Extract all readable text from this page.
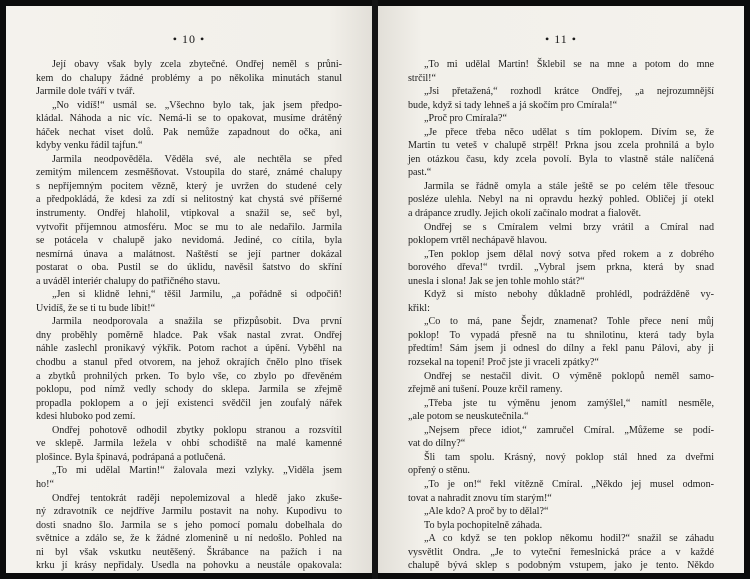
• 10 •
Její obavy však byly zcela zbytečné. Ondřej neměl s průni-
kem do chalupy žádné problémy a po několika minutách stanul
Jarmile dole tváří v tvář.
„No vidíš!“ usmál se. „Všechno bylo tak, jak jsem předpo-
kládal. Náhoda a nic víc. Nemá-li se to opakovat, musíme drátěný
háček nechat viset dolů. Pak nemůže zapadnout do očka, ani
kdyby venku řádil tajfun.“
Jarmila neodpověděla. Věděla své, ale nechtěla se před
zemitým milencem zesměšňovat. Vstoupila do staré, známé chalupy
s nepříjemným pocitem vězně, který je uvržen do studené cely
a předpokládá, že kdesi za zdí si nelitostný kat chystá své příšerné
instrumenty. Ondřej hlaholil, vtipkoval a snažil se, seč byl,
vytvořit příjemnou atmosféru. Moc se mu to ale nedařilo. Jarmila
se potácela v chalupě jako nevidomá. Jediné, co cítila, byla
nesmírná únava a malátnost. Naštěstí se její partner dokázal
postarat o oba. Pustil se do úklidu, navěsil šatstvo do skříní
a uváděl interiér chalupy do patřičného stavu.
„Jen si klidně lehni,“ těšil Jarmilu, „a pořádně si odpočiň!
Uvidíš, že se ti tu bude líbit!“
Jarmila neodporovala a snažila se přizpůsobit. Dva první
dny proběhly poměrně hladce. Pak však nastal zvrat. Ondřej
náhle zaslechl pronikavý výkřik. Potom rachot a úpění. Vyběhl na
chodbu a stanul před otvorem, na jehož okrajích čnělo plno třísek
a zbytků prohnilých prken. To bylo vše, co zbylo po dřevěném
poklopu, pod nímž vedly schody do sklepa. Jarmila se zřejmě
propadla poklopem a o její existenci svědčil jen zoufalý nářek
kdesi hluboko pod zemí.
Ondřej pohotově odhodil zbytky poklopu stranou a rozsvítil
ve sklepě. Jarmila ležela v ohbí schodiště na malé kamenné
plošince. Byla špinavá, podrápaná a potlučená.
„To mi udělal Martin!“ žalovala mezi vzlyky. „Viděla jsem
ho!“
Ondřej tentokrát raději nepolemizoval a hledě jako zkuše-
ný zdravotník ce nejdříve Jarmilu postavit na nohy. Kupodivu to
dosti snadno šlo. Jarmila se s jeho pomocí pomalu dobelhala do
světnice a zdálo se, že k žádné zlomenině u ní nedošlo. Pohled na
ni byl však vskutku neutěšený. Škrábance na pažích i na
krku jí krásy nepřidaly. Usedla na pohovku a neustále opakovala:
• 11 •
„To mi udělal Martin! Šklebil se na mne a potom do mne
strčil!“
„Jsi přetažená,“ rozhodl krátce Ondřej, „a nejrozumnější
bude, když si tady lehneš a já skočím pro Cmírala!“
„Proč pro Cmírala?“
„Je přece třeba něco udělat s tím poklopem. Dívím se, že
Martin tu veteš v chalupě strpěl! Prkna jsou zcela prohnilá a bylo
jen otázkou času, kdy zcela povolí. Byla to vlastně stále nalíčená
past.“
Jarmila se řádně omyla a stále ještě se po celém těle třesouc
posléze ulehla. Nebyl na ni opravdu hezký pohled. Obličej jí otekl
a drápance zrudly. Jejich okolí začínalo modrat a fialovět.
Ondřej se s Cmíralem velmi brzy vrátil a Cmíral nad
poklopem vrtěl nechápavě hlavou.
„Ten poklop jsem dělal nový sotva před rokem a z dobrého
borového dřeva!“ tvrdil. „Vybral jsem prkna, která by snad
unesla i slona! Jak se jen tohle mohlo stát?“
Když si místo nebohy důkladně prohlédl, podrážděně vy-
křikl:
„Co to má, pane Šejdr, znamenat? Tohle přece není můj
poklop! To vypadá přesně na tu shnilotinu, která tady byla
předtím! Sám jsem ji odnesl do dílny a řekl panu Pálovi, aby ji
rozsekal na topení! Proč jste ji vraceli zpátky?“
Ondřej se nestačil divit. O výměně poklopů neměl samo-
zřejmě ani tušení. Pouze krčil rameny.
„Třeba jste tu výměnu jenom zamýšlel,“ namítl nesměle,
„ale potom se neuskutečnila.“
„Nejsem přece idiot,“ zamručel Cmíral. „Můžeme se podí-
vat do dílny?“
Šli tam spolu. Krásný, nový poklop stál hned za dveřmi
opřený o stěnu.
„To je on!“ řekl vítězně Cmíral. „Někdo jej musel odmon-
tovat a nahradit znovu tím starým!“
„Ale kdo? A proč by to dělal?“
To byla pochopitelně záhada.
„A co když se ten poklop někomu hodil?“ snažil se záhadu
vysvětlit Ondra. „Je to vyteční řemeslnická práce a v každé
chalupě bývá sklep s podobným vstupem, jako je tento. Někdo
